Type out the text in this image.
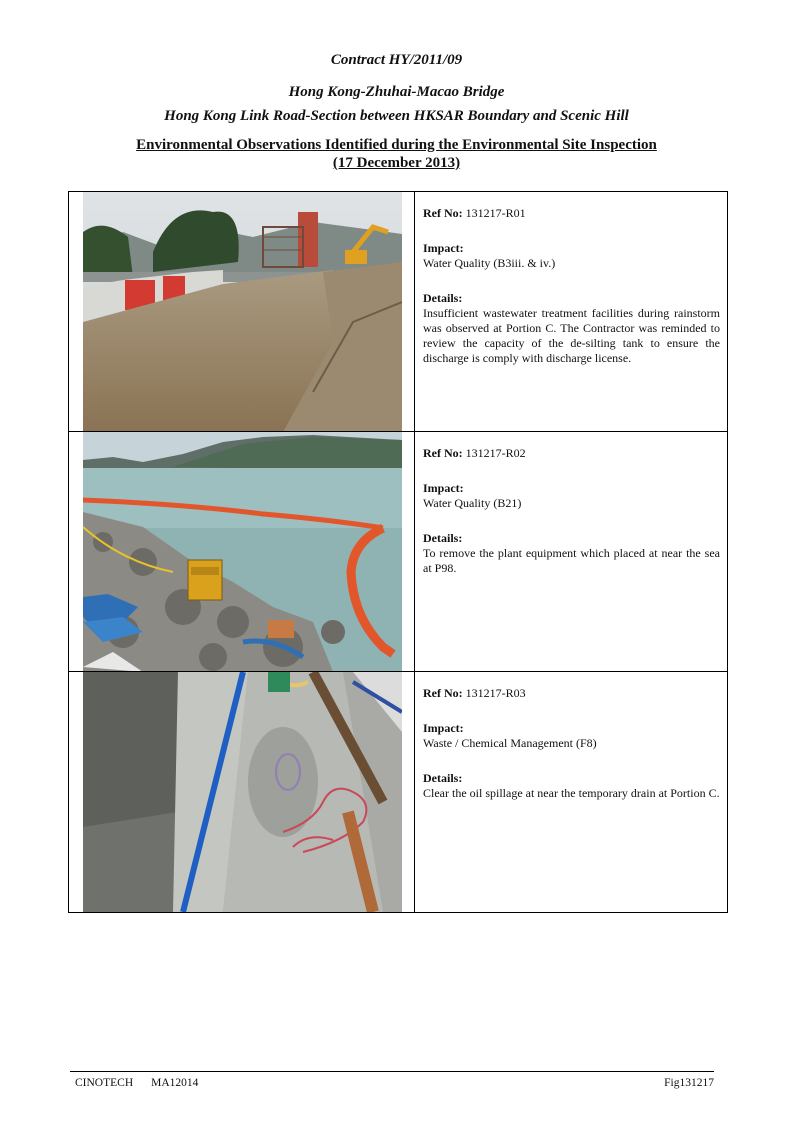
Contract HY/2011/09
Hong Kong-Zhuhai-Macao Bridge
Hong Kong Link Road-Section between HKSAR Boundary and Scenic Hill
Environmental Observations Identified during the Environmental Site Inspection
(17 December 2013)
Ref No: 131217-R01
Impact:
Water Quality (B3iii. & iv.)
Details:
Insufficient wastewater treatment facilities during rainstorm was observed at Portion C. The Contractor was reminded to review the capacity of the de-silting tank to ensure the discharge is comply with discharge license.
Ref No: 131217-R02
Impact:
Water Quality (B21)
Details:
To remove the plant equipment which placed at near the sea at P98.
Ref No: 131217-R03
Impact:
Waste / Chemical Management (F8)
Details:
Clear the oil spillage at near the temporary drain at Portion C.
CINOTECH MA12014	Fig131217
